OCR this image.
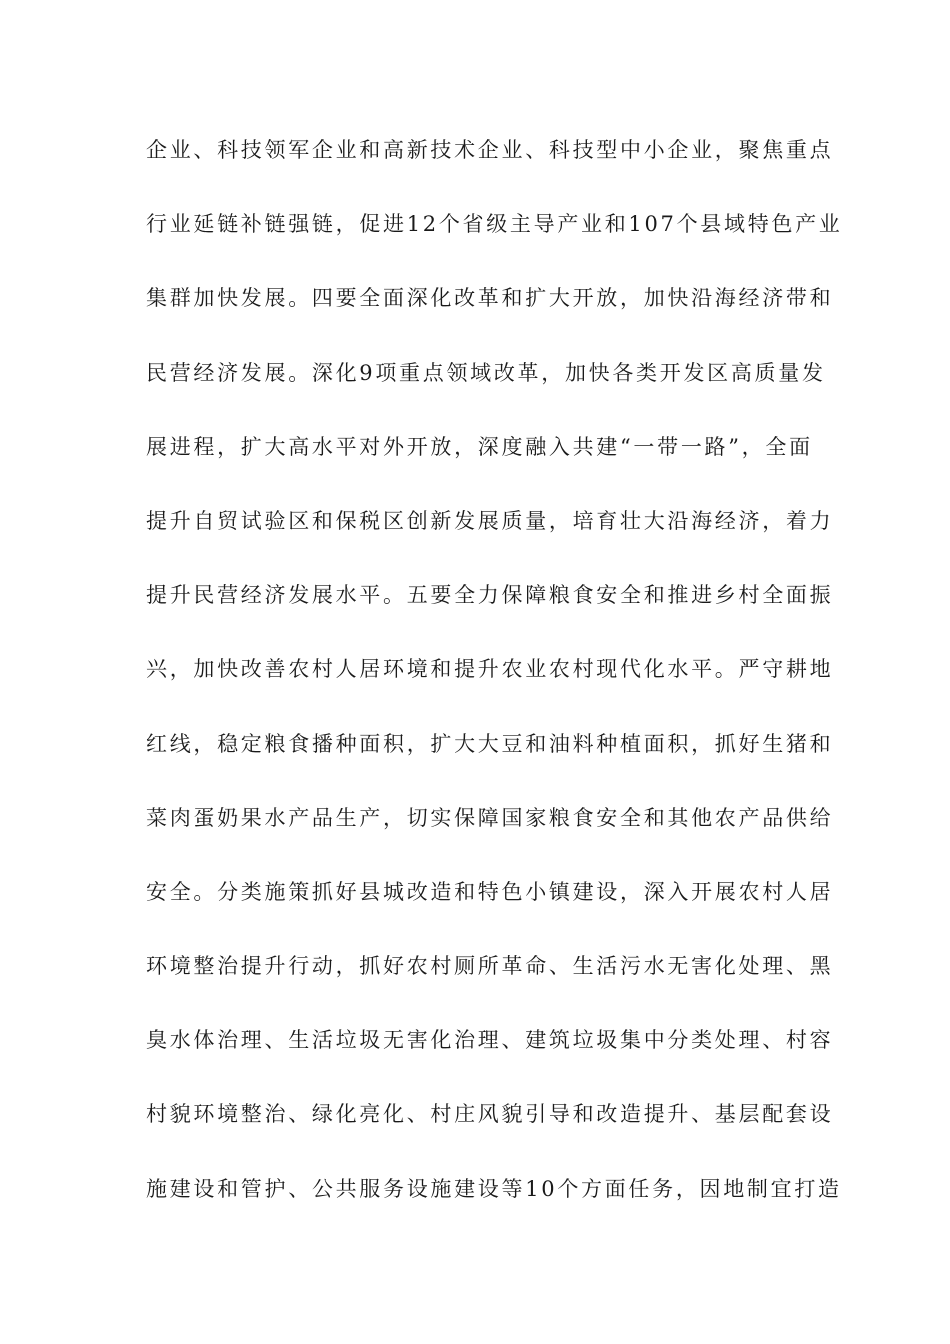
企业、科技领军企业和高新技术企业、科技型中小企业，聚焦重点
行业延链补链强链，促进12个省级主导产业和107个县域特色产业
集群加快发展。四要全面深化改革和扩大开放，加快沿海经济带和
民营经济发展。深化9项重点领域改革，加快各类开发区高质量发
展进程，扩大高水平对外开放，深度融入共建“一带一路”，全面
提升自贸试验区和保税区创新发展质量，培育壮大沿海经济，着力
提升民营经济发展水平。五要全力保障粮食安全和推进乡村全面振
兴，加快改善农村人居环境和提升农业农村现代化水平。严守耕地
红线，稳定粮食播种面积，扩大大豆和油料种植面积，抓好生猪和
菜肉蛋奶果水产品生产，切实保障国家粮食安全和其他农产品供给
安全。分类施策抓好县城改造和特色小镇建设，深入开展农村人居
环境整治提升行动，抓好农村厕所革命、生活污水无害化处理、黑
臭水体治理、生活垃圾无害化治理、建筑垃圾集中分类处理、村容
村貌环境整治、绿化亮化、村庄风貌引导和改造提升、基层配套设
施建设和管护、公共服务设施建设等10个方面任务，因地制宜打造
